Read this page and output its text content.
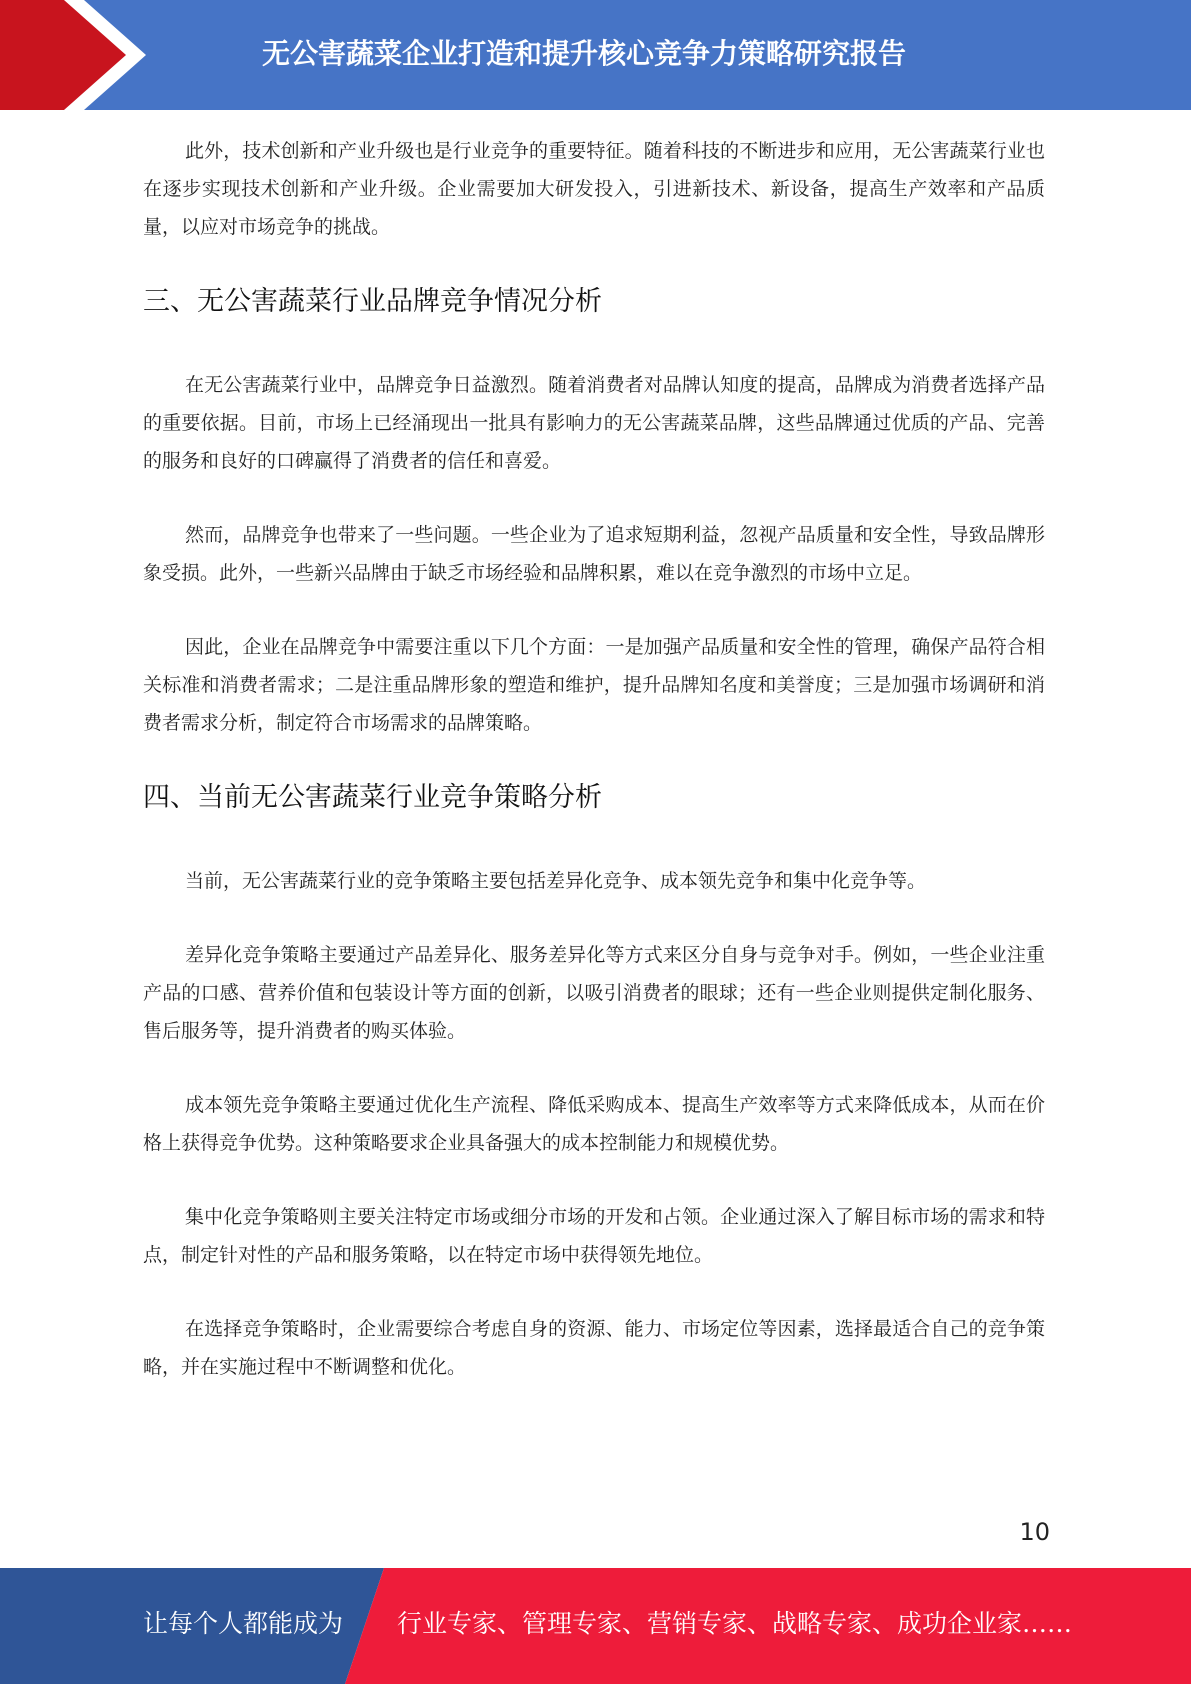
无公害蔬菜企业打造和提升核心竞争力策略研究报告

此外，技术创新和产业升级也是行业竞争的重要特征。随着科技的不断进步和应用，无公害蔬菜行业也在逐步实现技术创新和产业升级。企业需要加大研发投入，引进新技术、新设备，提高生产效率和产品质量，以应对市场竞争的挑战。

三、无公害蔬菜行业品牌竞争情况分析

在无公害蔬菜行业中，品牌竞争日益激烈。随着消费者对品牌认知度的提高，品牌成为消费者选择产品的重要依据。目前，市场上已经涌现出一批具有影响力的无公害蔬菜品牌，这些品牌通过优质的产品、完善的服务和良好的口碑赢得了消费者的信任和喜爱。

然而，品牌竞争也带来了一些问题。一些企业为了追求短期利益，忽视产品质量和安全性，导致品牌形象受损。此外，一些新兴品牌由于缺乏市场经验和品牌积累，难以在竞争激烈的市场中立足。

因此，企业在品牌竞争中需要注重以下几个方面：一是加强产品质量和安全性的管理，确保产品符合相关标准和消费者需求；二是注重品牌形象的塑造和维护，提升品牌知名度和美誉度；三是加强市场调研和消费者需求分析，制定符合市场需求的品牌策略。

四、当前无公害蔬菜行业竞争策略分析

当前，无公害蔬菜行业的竞争策略主要包括差异化竞争、成本领先竞争和集中化竞争等。

差异化竞争策略主要通过产品差异化、服务差异化等方式来区分自身与竞争对手。例如，一些企业注重产品的口感、营养价值和包装设计等方面的创新，以吸引消费者的眼球；还有一些企业则提供定制化服务、售后服务等，提升消费者的购买体验。

成本领先竞争策略主要通过优化生产流程、降低采购成本、提高生产效率等方式来降低成本，从而在价格上获得竞争优势。这种策略要求企业具备强大的成本控制能力和规模优势。

集中化竞争策略则主要关注特定市场或细分市场的开发和占领。企业通过深入了解目标市场的需求和特点，制定针对性的产品和服务策略，以在特定市场中获得领先地位。

在选择竞争策略时，企业需要综合考虑自身的资源、能力、市场定位等因素，选择最适合自己的竞争策略，并在实施过程中不断调整和优化。

10
让每个人都能成为 行业专家、管理专家、营销专家、战略专家、成功企业家……
